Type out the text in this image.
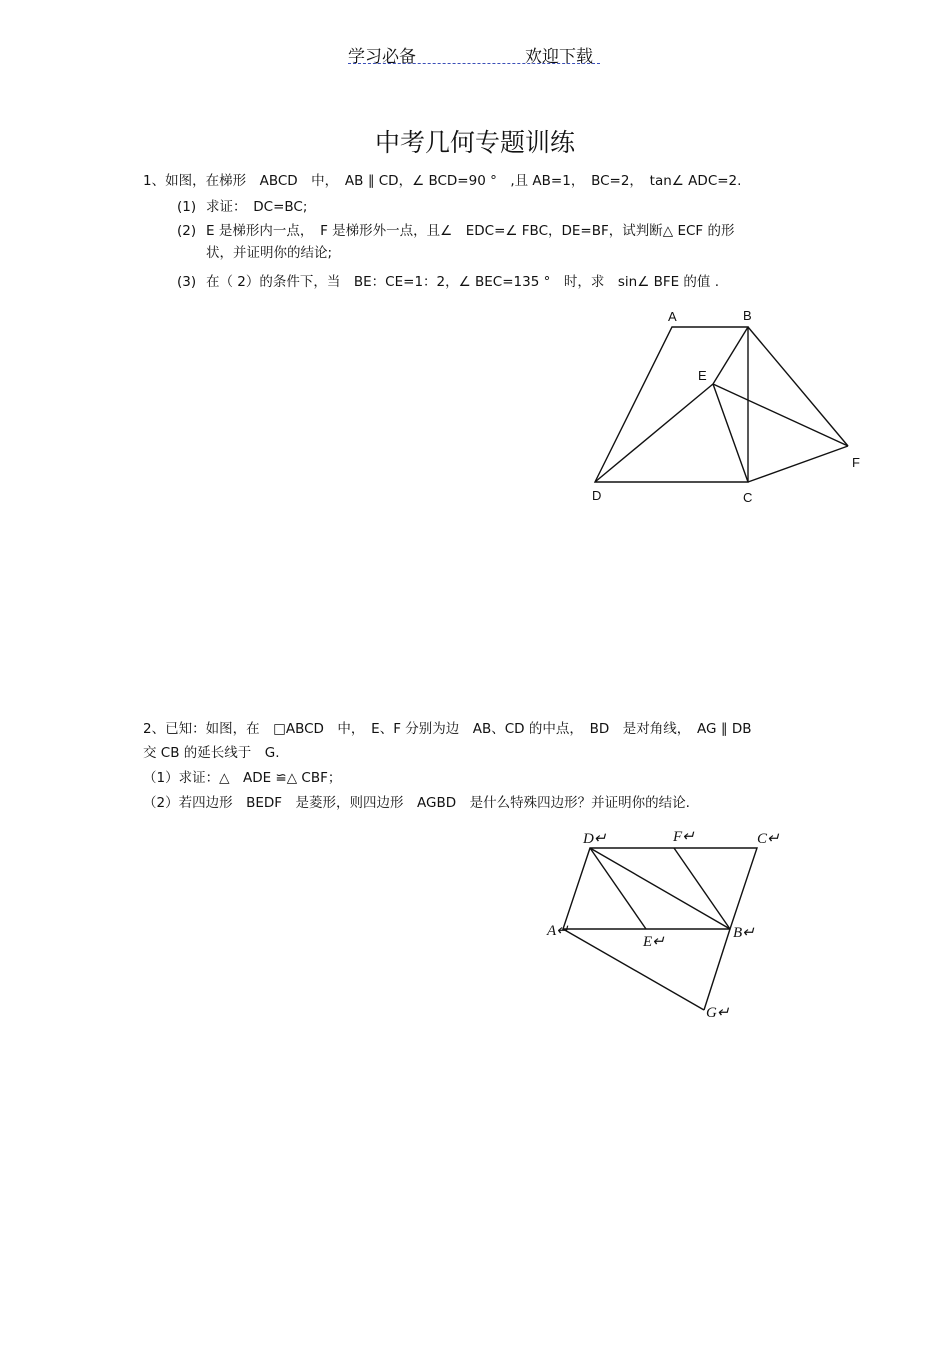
学习必备	欢迎下载
中考几何专题训练
1、如图，在梯形　ABCD　中，　AB ∥ CD，∠ BCD=90 °　,且 AB=1，　BC=2，　tan∠ ADC=2.
(1) 求证：　DC=BC;
(2) E 是梯形内一点，　F 是梯形外一点，且∠　EDC=∠ FBC，DE=BF，试判断△ ECF 的形
状，并证明你的结论;
(3) 在（ 2）的条件下，当　BE：CE=1：2，∠ BEC=135 °　时，求　sin∠ BFE 的值 .
A	B
E
F
D	C
2、已知：如图，在　□ABCD　中，　E、F 分别为边　AB、CD 的中点，　BD　是对角线，　AG ∥ DB
交 CB 的延长线于　G.
（1）求证：△　ADE ≌△ CBF；
（2）若四边形　BEDF　是菱形，则四边形　AGBD　是什么特殊四边形？并证明你的结论.
D↵	F↵	C↵
A↵
E↵
B↵
G↵
